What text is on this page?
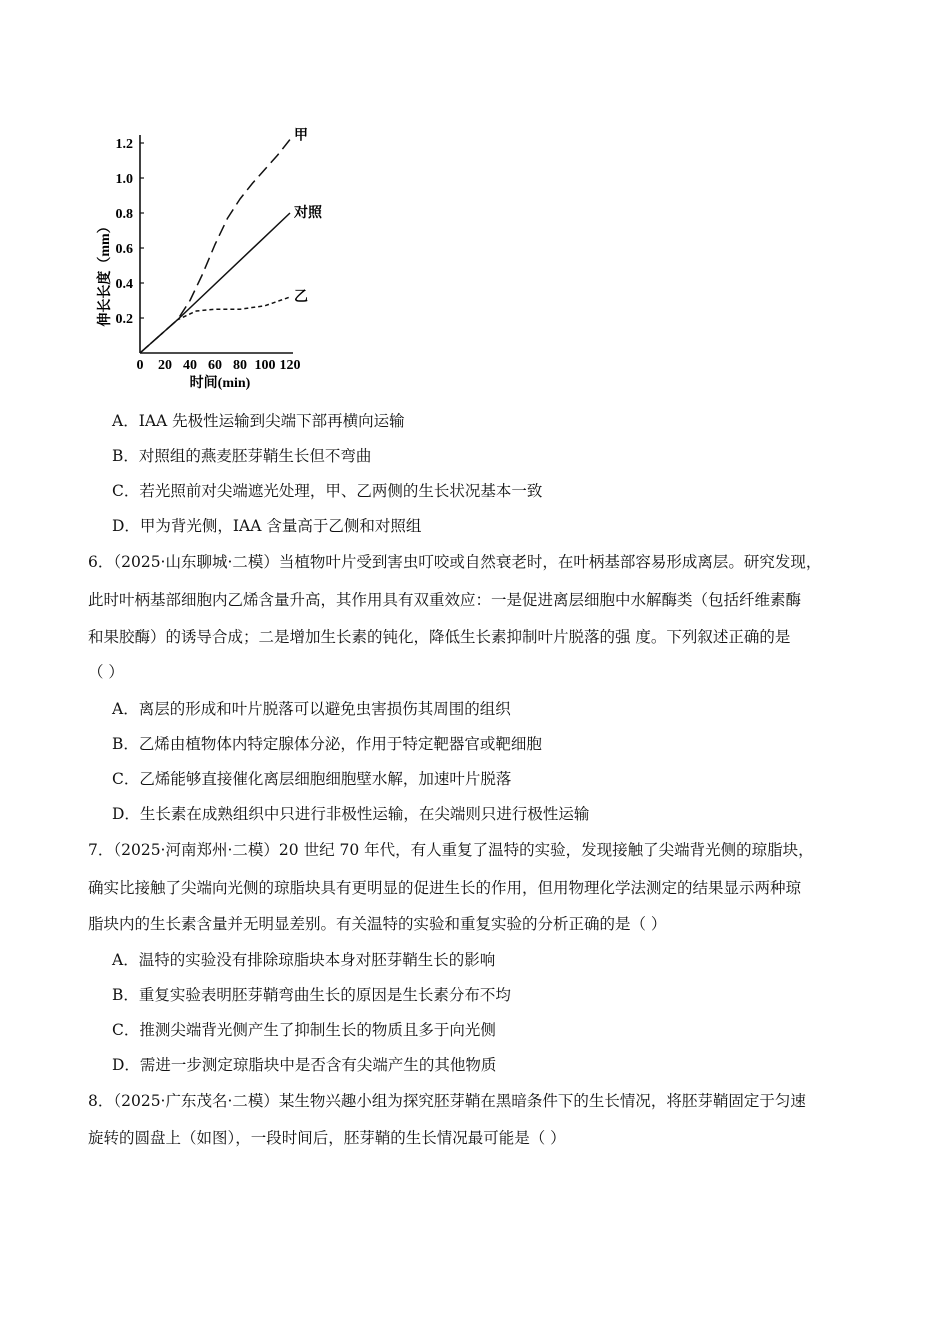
0.2
0.4
0.6
0.8
1.0
1.2
0 20 40 60 80 100 120
甲
对照
乙
伸长长度（mm）
时间(min)
A．IAA 先极性运输到尖端下部再横向运输
B．对照组的燕麦胚芽鞘生长但不弯曲
C．若光照前对尖端遮光处理，甲、乙两侧的生长状况基本一致
D．甲为背光侧，IAA 含量高于乙侧和对照组
6．（2025·山东聊城·二模）当植物叶片受到害虫叮咬或自然衰老时，在叶柄基部容易形成离层。研究发现，
此时叶柄基部细胞内乙烯含量升高，其作用具有双重效应：一是促进离层细胞中水解酶类（包括纤维素酶
和果胶酶）的诱导合成；二是增加生长素的钝化，降低生长素抑制叶片脱落的强 度。下列叙述正确的是
（ ）
A．离层的形成和叶片脱落可以避免虫害损伤其周围的组织
B．乙烯由植物体内特定腺体分泌，作用于特定靶器官或靶细胞
C．乙烯能够直接催化离层细胞细胞壁水解，加速叶片脱落
D．生长素在成熟组织中只进行非极性运输，在尖端则只进行极性运输
7．（2025·河南郑州·二模）20 世纪 70 年代，有人重复了温特的实验，发现接触了尖端背光侧的琼脂块，
确实比接触了尖端向光侧的琼脂块具有更明显的促进生长的作用，但用物理化学法测定的结果显示两种琼
脂块内的生长素含量并无明显差别。有关温特的实验和重复实验的分析正确的是（ ）
A．温特的实验没有排除琼脂块本身对胚芽鞘生长的影响
B．重复实验表明胚芽鞘弯曲生长的原因是生长素分布不均
C．推测尖端背光侧产生了抑制生长的物质且多于向光侧
D．需进一步测定琼脂块中是否含有尖端产生的其他物质
8．（2025·广东茂名·二模）某生物兴趣小组为探究胚芽鞘在黑暗条件下的生长情况，将胚芽鞘固定于匀速
旋转的圆盘上（如图），一段时间后，胚芽鞘的生长情况最可能是（ ）
